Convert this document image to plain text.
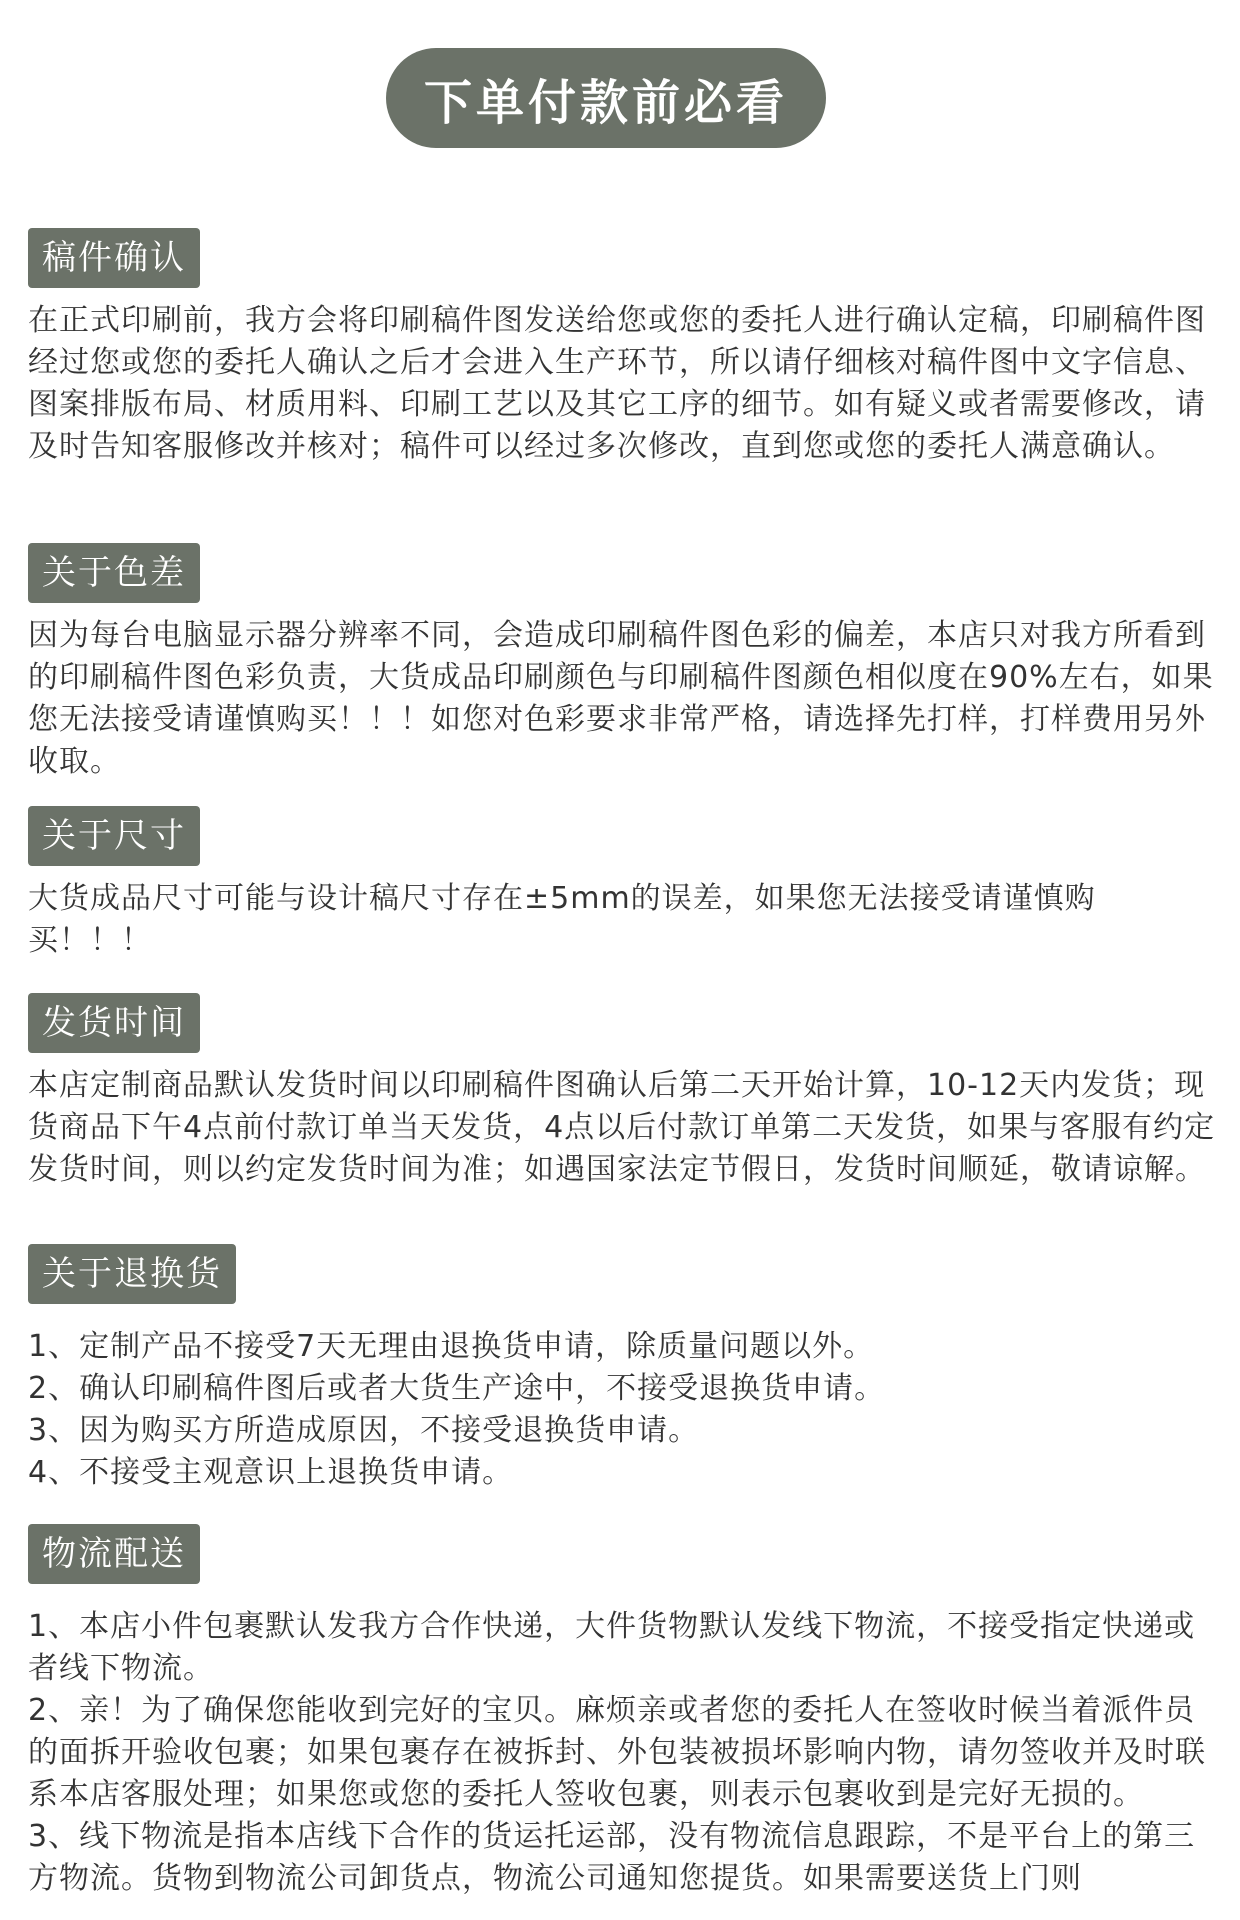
下单付款前必看
稿件确认

在正式印刷前，我方会将印刷稿件图发送给您或您的委托人进行确认定稿，印刷稿件图经过您或您的委托人确认之后才会进入生产环节，所以请仔细核对稿件图中文字信息、图案排版布局、材质用料、印刷工艺以及其它工序的细节。如有疑义或者需要修改，请及时告知客服修改并核对；稿件可以经过多次修改，直到您或您的委托人满意确认。

关于色差

因为每台电脑显示器分辨率不同，会造成印刷稿件图色彩的偏差，本店只对我方所看到的印刷稿件图色彩负责，大货成品印刷颜色与印刷稿件图颜色相似度在90%左右，如果您无法接受请谨慎购买！！！如您对色彩要求非常严格，请选择先打样，打样费用另外收取。

关于尺寸

大货成品尺寸可能与设计稿尺寸存在±5mm的误差，如果您无法接受请谨慎购买！！！

发货时间

本店定制商品默认发货时间以印刷稿件图确认后第二天开始计算，10-12天内发货；现货商品下午4点前付款订单当天发货，4点以后付款订单第二天发货，如果与客服有约定发货时间，则以约定发货时间为准；如遇国家法定节假日，发货时间顺延，敬请谅解。

关于退换货
1、定制产品不接受7天无理由退换货申请，除质量问题以外。
2、确认印刷稿件图后或者大货生产途中，不接受退换货申请。
3、因为购买方所造成原因，不接受退换货申请。
4、不接受主观意识上退换货申请。
物流配送
1、本店小件包裹默认发我方合作快递，大件货物默认发线下物流，不接受指定快递或者线下物流。
2、亲！为了确保您能收到完好的宝贝。麻烦亲或者您的委托人在签收时候当着派件员的面拆开验收包裹；如果包裹存在被拆封、外包装被损坏影响内物，请勿签收并及时联系本店客服处理；如果您或您的委托人签收包裹，则表示包裹收到是完好无损的。
3、线下物流是指本店线下合作的货运托运部，没有物流信息跟踪，不是平台上的第三方物流。货物到物流公司卸货点，物流公司通知您提货。如果需要送货上门则
